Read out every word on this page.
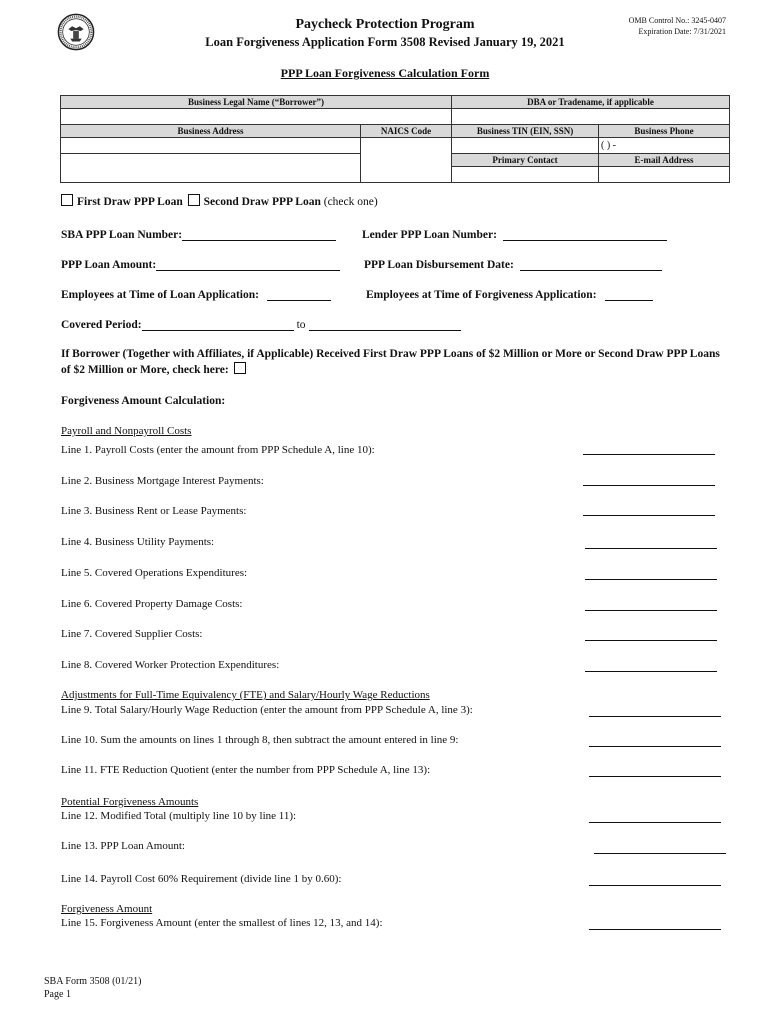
Paycheck Protection Program
Loan Forgiveness Application Form 3508 Revised January 19, 2021
OMB Control No.: 3245-0407
Expiration Date: 7/31/2021
PPP Loan Forgiveness Calculation Form
Business Legal Name (“Borrower”)		DBA or Tradename, if applicable	

Business Address	NAICS Code	Business TIN (EIN, SSN)	Business Phone
			( ) -
		Primary Contact	E-mail Address

First Draw PPP Loan Second Draw PPP Loan (check one)
SBA PPP Loan Number:	Lender PPP Loan Number:
PPP Loan Amount:	PPP Loan Disbursement Date:
Employees at Time of Loan Application:	Employees at Time of Forgiveness Application:
Covered Period:	to
If Borrower (Together with Affiliates, if Applicable) Received First Draw PPP Loans of $2 Million or More or Second Draw PPP Loans of $2 Million or More, check here:
Forgiveness Amount Calculation:
Payroll and Nonpayroll Costs
Adjustments for Full-Time Equivalency (FTE) and Salary/Hourly Wage Reductions
Potential Forgiveness Amounts
Forgiveness Amount
Line 1. Payroll Costs (enter the amount from PPP Schedule A, line 10):
Line 2. Business Mortgage Interest Payments:
Line 3. Business Rent or Lease Payments:
Line 4. Business Utility Payments:
Line 5. Covered Operations Expenditures:
Line 6. Covered Property Damage Costs:
Line 7. Covered Supplier Costs:
Line 8. Covered Worker Protection Expenditures:
Line 9. Total Salary/Hourly Wage Reduction (enter the amount from PPP Schedule A, line 3):
Line 10. Sum the amounts on lines 1 through 8, then subtract the amount entered in line 9:
Line 11. FTE Reduction Quotient (enter the number from PPP Schedule A, line 13):
Line 12. Modified Total (multiply line 10 by line 11):
Line 13. PPP Loan Amount:
Line 14. Payroll Cost 60% Requirement (divide line 1 by 0.60):
Line 15. Forgiveness Amount (enter the smallest of lines 12, 13, and 14):
SBA Form 3508 (01/21)
Page 1
